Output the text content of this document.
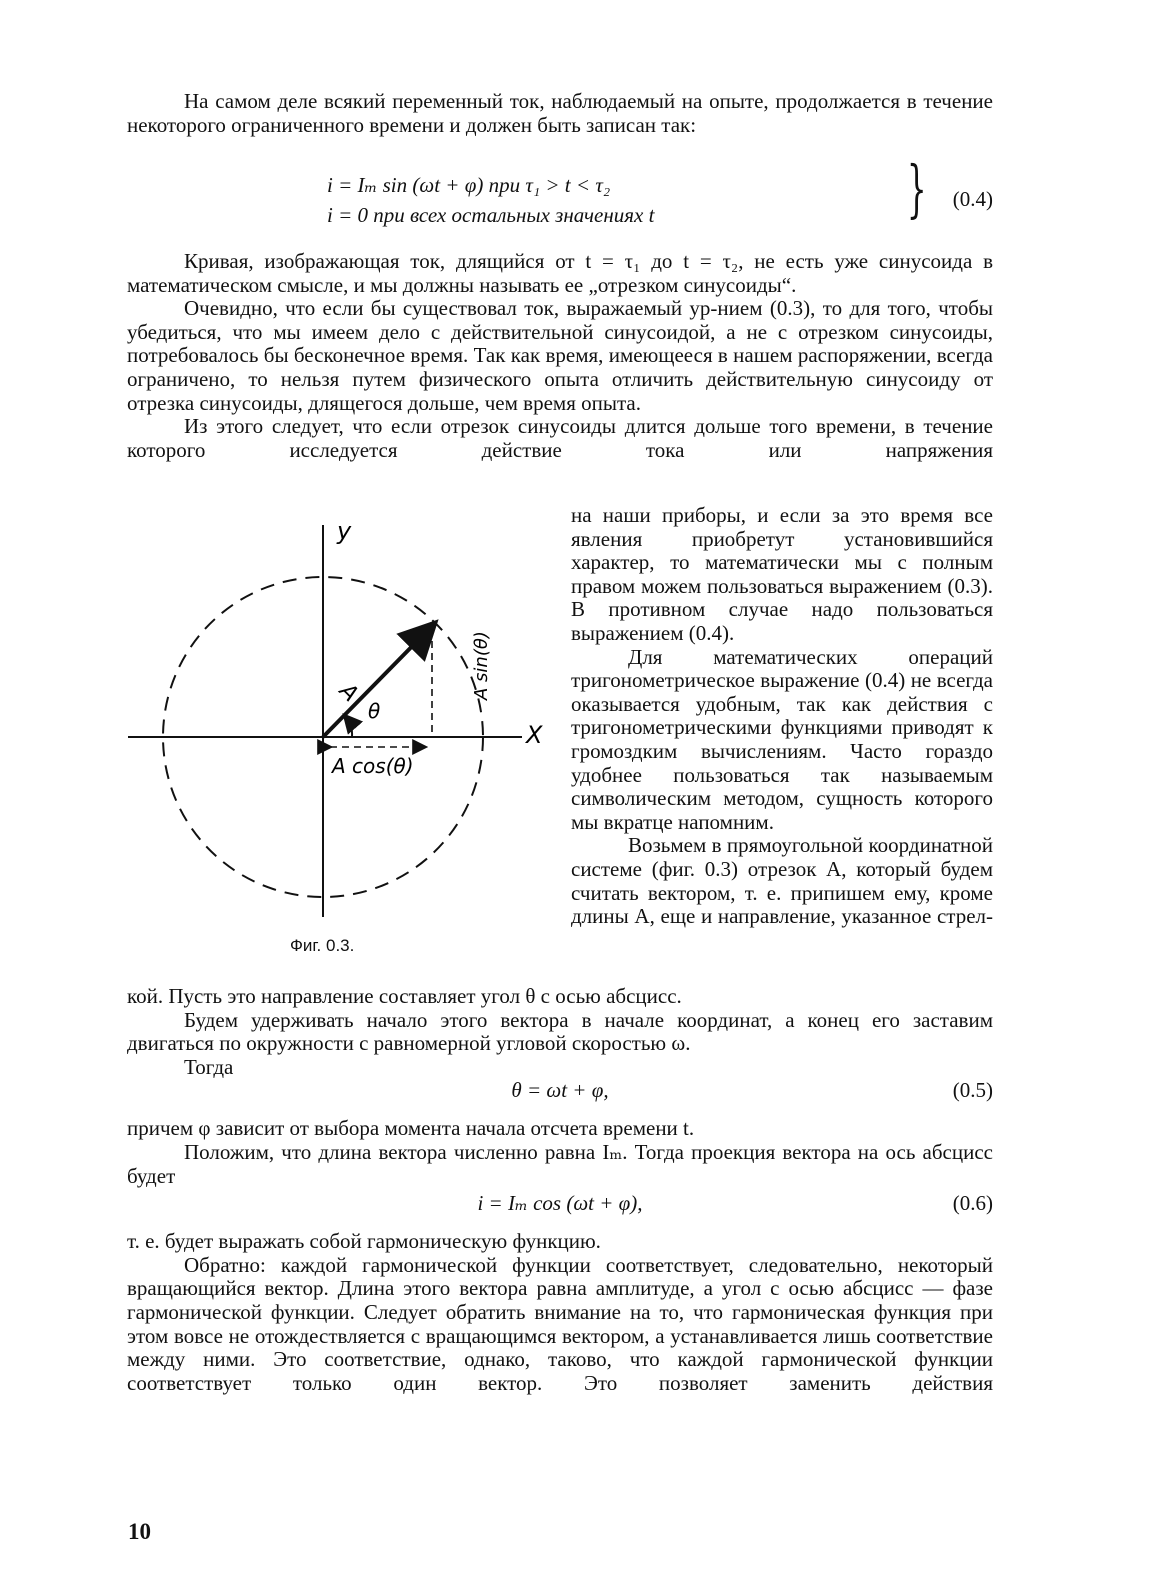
На самом деле всякий переменный ток, наблюдаемый на опыте, продолжается в течение некоторого ограниченного времени и должен быть записан так:

i = Iₘ sin (ωt + φ) при τ₁ > t < τ₂
i = 0 при всех остальных значениях t	} (0.4)

Кривая, изображающая ток, длящийся от t = τ₁ до t = τ₂, не есть уже синусоида в математическом смысле, и мы должны называть ее „отрезком синусоиды“.

Очевидно, что если бы существовал ток, выражаемый ур-нием (0.3), то для того, чтобы убедиться, что мы имеем дело с действительной синусоидой, а не с отрезком синусоиды, потребовалось бы бесконечное время. Так как время, имеющееся в нашем распоряжении, всегда ограничено, то нельзя путем физического опыта отличить действительную синусоиду от отрезка синусоиды, длящегося дольше, чем время опыта.

Из этого следует, что если отрезок синусоиды длится дольше того времени, в течение которого исследуется действие тока или напряжения

y
X
A
θ
A sin(θ)
A cos(θ)
Фиг. 0.3.

на наши приборы, и если за это время все явления приобретут установившийся характер, то математически мы с полным правом можем пользоваться выражением (0.3). В противном случае надо пользоваться выражением (0.4).

Для математических операций тригонометрическое выражение (0.4) не всегда оказывается удобным, так как действия с тригонометрическими функциями приводят к громоздким вычислениям. Часто гораздо удобнее пользоваться так называемым символическим методом, сущность которого мы вкратце напомним.

Возьмем в прямоугольной координатной системе (фиг. 0.3) отрезок A, который будем считать вектором, т. е. припишем ему, кроме длины A, еще и направление, указанное стрел-

кой. Пусть это направление составляет угол θ с осью абсцисс.

Будем удерживать начало этого вектора в начале координат, а конец его заставим двигаться по окружности с равномерной угловой скоростью ω.

Тогда

θ = ωt + φ,	(0.5)

причем φ зависит от выбора момента начала отсчета времени t.

Положим, что длина вектора численно равна Iₘ. Тогда проекция вектора на ось абсцисс будет

i = Iₘ cos (ωt + φ),	(0.6)

т. е. будет выражать собой гармоническую функцию.

Обратно: каждой гармонической функции соответствует, следовательно, некоторый вращающийся вектор. Длина этого вектора равна амплитуде, а угол с осью абсцисс — фазе гармонической функции. Следует обратить внимание на то, что гармоническая функция при этом вовсе не отождествляется с вращающимся вектором, а устанавливается лишь соответствие между ними. Это соответствие, однако, таково, что каждой гармонической функции соответствует только один вектор. Это позволяет заменить действия

10
